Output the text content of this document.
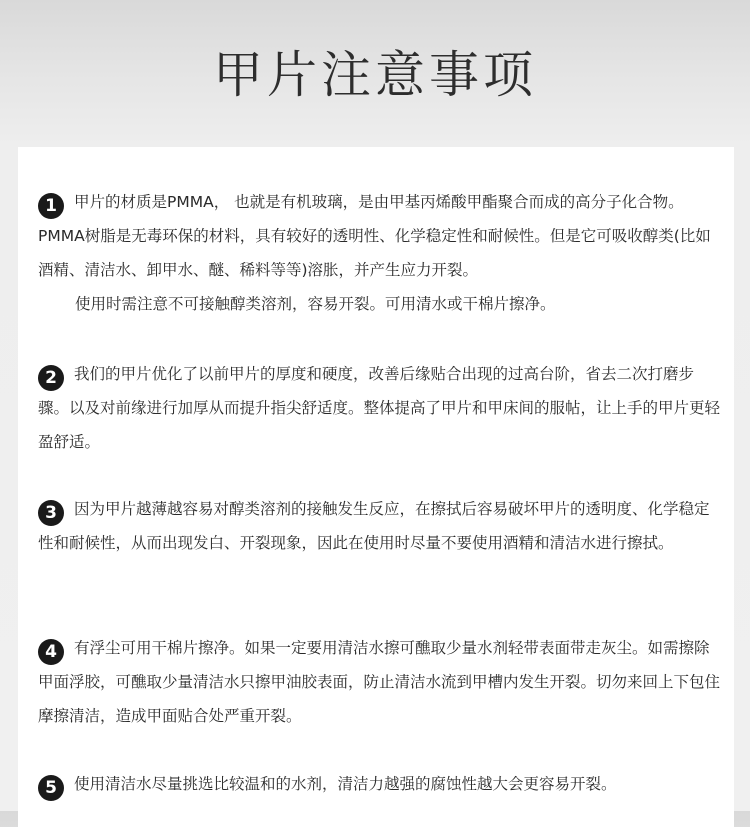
甲片注意事项

1 甲片的材质是PMMA， 也就是有机玻璃，是由甲基丙烯酸甲酯聚合而成的高分子化合物。PMMA树脂是无毒环保的材料，具有较好的透明性、化学稳定性和耐候性。但是它可吸收醇类(比如酒精、清洁水、卸甲水、醚、稀料等等)溶胀，并产生应力开裂。

使用时需注意不可接触醇类溶剂，容易开裂。可用清水或干棉片擦净。

2 我们的甲片优化了以前甲片的厚度和硬度，改善后缘贴合出现的过高台阶，省去二次打磨步骤。以及对前缘进行加厚从而提升指尖舒适度。整体提高了甲片和甲床间的服帖，让上手的甲片更轻盈舒适。

3 因为甲片越薄越容易对醇类溶剂的接触发生反应，在擦拭后容易破坏甲片的透明度、化学稳定性和耐候性，从而出现发白、开裂现象，因此在使用时尽量不要使用酒精和清洁水进行擦拭。

4 有浮尘可用干棉片擦净。如果一定要用清洁水擦可醮取少量水剂轻带表面带走灰尘。如需擦除甲面浮胶，可醮取少量清洁水只擦甲油胶表面，防止清洁水流到甲槽内发生开裂。切勿来回上下包住摩擦清洁，造成甲面贴合处严重开裂。

5 使用清洁水尽量挑选比较温和的水剂，清洁力越强的腐蚀性越大会更容易开裂。
